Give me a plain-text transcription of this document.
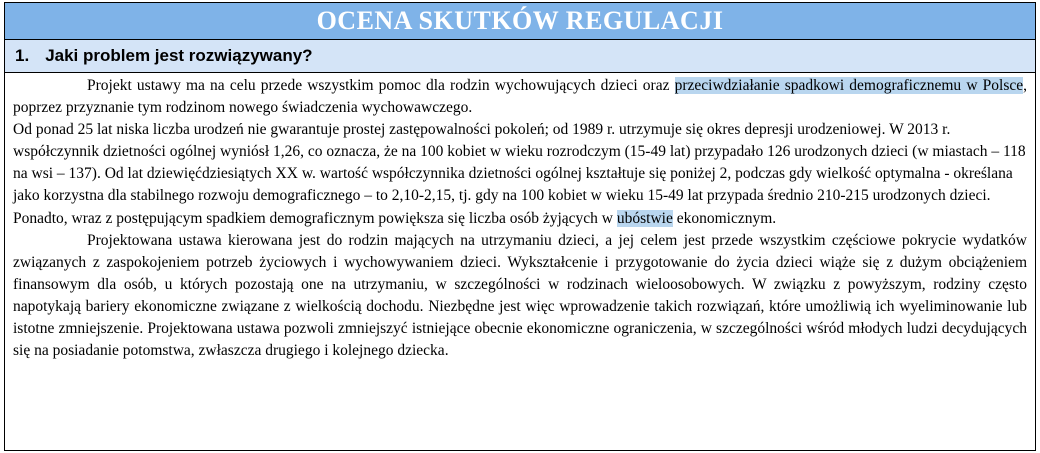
OCENA SKUTKÓW REGULACJI
1. Jaki problem jest rozwiązywany?

Projekt ustawy ma na celu przede wszystkim pomoc dla rodzin wychowujących dzieci oraz przeciwdziałanie spadkowi demograficznemu w Polsce, poprzez przyznanie tym rodzinom nowego świadczenia wychowawczego.

Od ponad 25 lat niska liczba urodzeń nie gwarantuje prostej zastępowalności pokoleń; od 1989 r. utrzymuje się okres depresji urodzeniowej. W 2013 r. współczynnik dzietności ogólnej wyniósł 1,26, co oznacza, że na 100 kobiet w wieku rozrodczym (15-49 lat) przypadało 126 urodzonych dzieci (w miastach – 118 na wsi – 137). Od lat dziewięćdziesiątych XX w. wartość współczynnika dzietności ogólnej kształtuje się poniżej 2, podczas gdy wielkość optymalna - określana jako korzystna dla stabilnego rozwoju demograficznego – to 2,10-2,15, tj. gdy na 100 kobiet w wieku 15-49 lat przypada średnio 210-215 urodzonych dzieci. Ponadto, wraz z postępującym spadkiem demograficznym powiększa się liczba osób żyjących w ubóstwie ekonomicznym.

Projektowana ustawa kierowana jest do rodzin mających na utrzymaniu dzieci, a jej celem jest przede wszystkim częściowe pokrycie wydatków związanych z zaspokojeniem potrzeb życiowych i wychowywaniem dzieci. Wykształcenie i przygotowanie do życia dzieci wiąże się z dużym obciążeniem finansowym dla osób, u których pozostają one na utrzymaniu, w szczególności w rodzinach wieloosobowych. W związku z powyższym, rodziny często napotykają bariery ekonomiczne związane z wielkością dochodu. Niezbędne jest więc wprowadzenie takich rozwiązań, które umożliwią ich wyeliminowanie lub istotne zmniejszenie. Projektowana ustawa pozwoli zmniejszyć istniejące obecnie ekonomiczne ograniczenia, w szczególności wśród młodych ludzi decydujących się na posiadanie potomstwa, zwłaszcza drugiego i kolejnego dziecka.
